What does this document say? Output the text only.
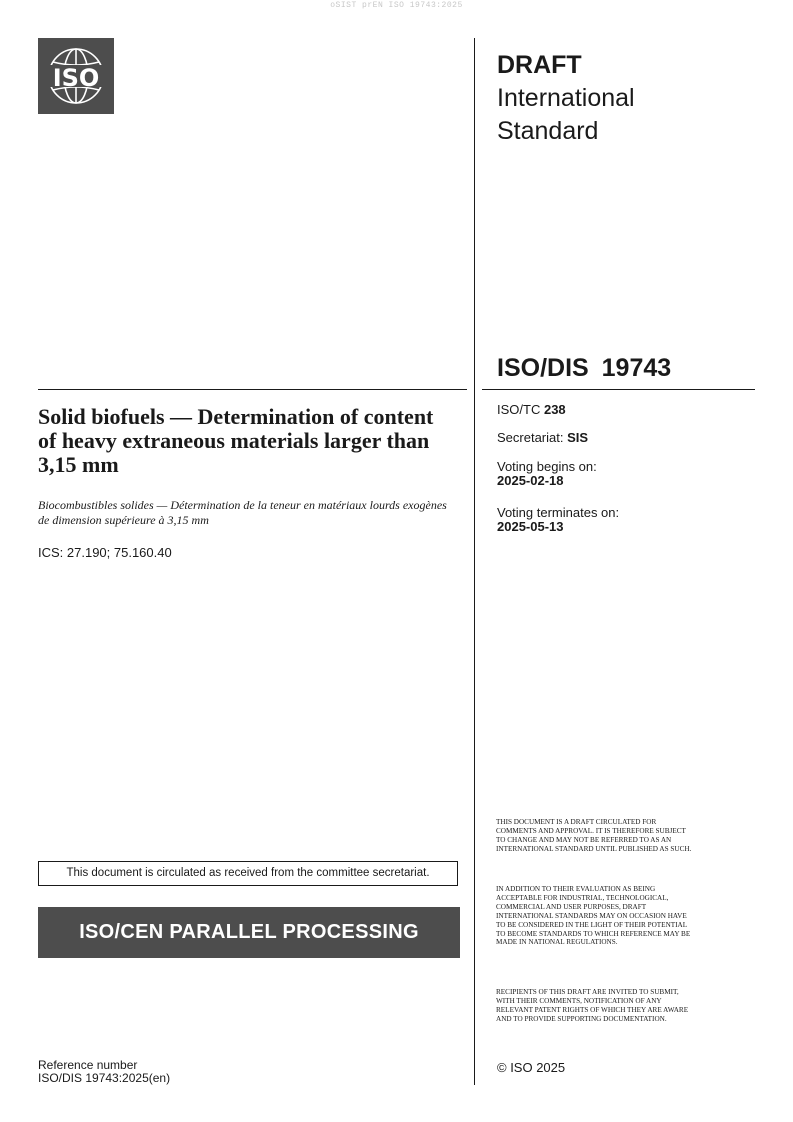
oSIST prEN ISO 19743:2025
ISO	DRAFT
International
Standard
ISO/DIS 19743
Solid biofuels — Determination of content of heavy extraneous materials larger than 3,15 mm
Biocombustibles solides — Détermination de la teneur en matériaux lourds exogènes de dimension supérieure à 3,15 mm
ICS: 27.190; 75.160.40
ISO/TC 238
Secretariat: SIS
Voting begins on:
2025-02-18
Voting terminates on:
2025-05-13
THIS DOCUMENT IS A DRAFT CIRCULATED FOR COMMENTS AND APPROVAL. IT IS THEREFORE SUBJECT TO CHANGE AND MAY NOT BE REFERRED TO AS AN INTERNATIONAL STANDARD UNTIL PUBLISHED AS SUCH.
IN ADDITION TO THEIR EVALUATION AS BEING ACCEPTABLE FOR INDUSTRIAL, TECHNOLOGICAL, COMMERCIAL AND USER PURPOSES, DRAFT INTERNATIONAL STANDARDS MAY ON OCCASION HAVE TO BE CONSIDERED IN THE LIGHT OF THEIR POTENTIAL TO BECOME STANDARDS TO WHICH REFERENCE MAY BE MADE IN NATIONAL REGULATIONS.
RECIPIENTS OF THIS DRAFT ARE INVITED TO SUBMIT, WITH THEIR COMMENTS, NOTIFICATION OF ANY RELEVANT PATENT RIGHTS OF WHICH THEY ARE AWARE AND TO PROVIDE SUPPORTING DOCUMENTATION.
This document is circulated as received from the committee secretariat.
ISO/CEN PARALLEL PROCESSING
© ISO 2025
Reference number
ISO/DIS 19743:2025(en)
